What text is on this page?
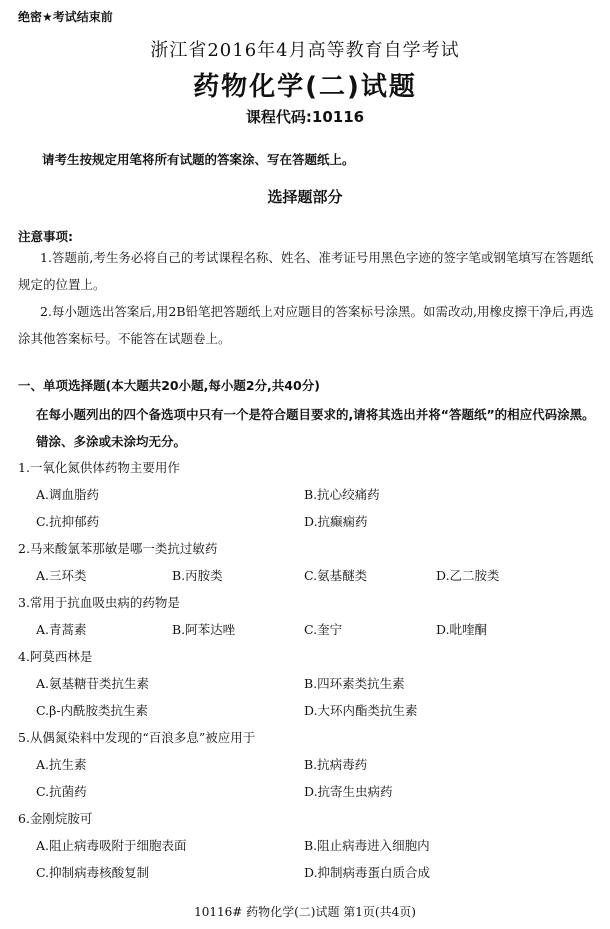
绝密★考试结束前
浙江省2016年4月高等教育自学考试
药物化学(二)试题
课程代码:10116
请考生按规定用笔将所有试题的答案涂、写在答题纸上。
选择题部分
注意事项:
1.答题前,考生务必将自己的考试课程名称、姓名、准考证号用黑色字迹的签字笔或钢笔填写在答题纸规定的位置上。
2.每小题选出答案后,用2B铅笔把答题纸上对应题目的答案标号涂黑。如需改动,用橡皮擦干净后,再选涂其他答案标号。不能答在试题卷上。
一、单项选择题(本大题共20小题,每小题2分,共40分)
在每小题列出的四个备选项中只有一个是符合题目要求的,请将其选出并将“答题纸”的相应代码涂黑。错涂、多涂或未涂均无分。
1.一氧化氮供体药物主要用作
A.调血脂药	B.抗心绞痛药
C.抗抑郁药	D.抗癫痫药
2.马来酸氯苯那敏是哪一类抗过敏药
A.三环类	B.丙胺类	C.氨基醚类	D.乙二胺类
3.常用于抗血吸虫病的药物是
A.青蒿素	B.阿苯达唑	C.奎宁	D.吡喹酮
4.阿莫西林是
A.氨基糖苷类抗生素	B.四环素类抗生素
C.β-内酰胺类抗生素	D.大环内酯类抗生素
5.从偶氮染料中发现的“百浪多息”被应用于
A.抗生素	B.抗病毒药
C.抗菌药	D.抗寄生虫病药
6.金刚烷胺可
A.阻止病毒吸附于细胞表面	B.阻止病毒进入细胞内
C.抑制病毒核酸复制	D.抑制病毒蛋白质合成
10116# 药物化学(二)试题 第1页(共4页)
